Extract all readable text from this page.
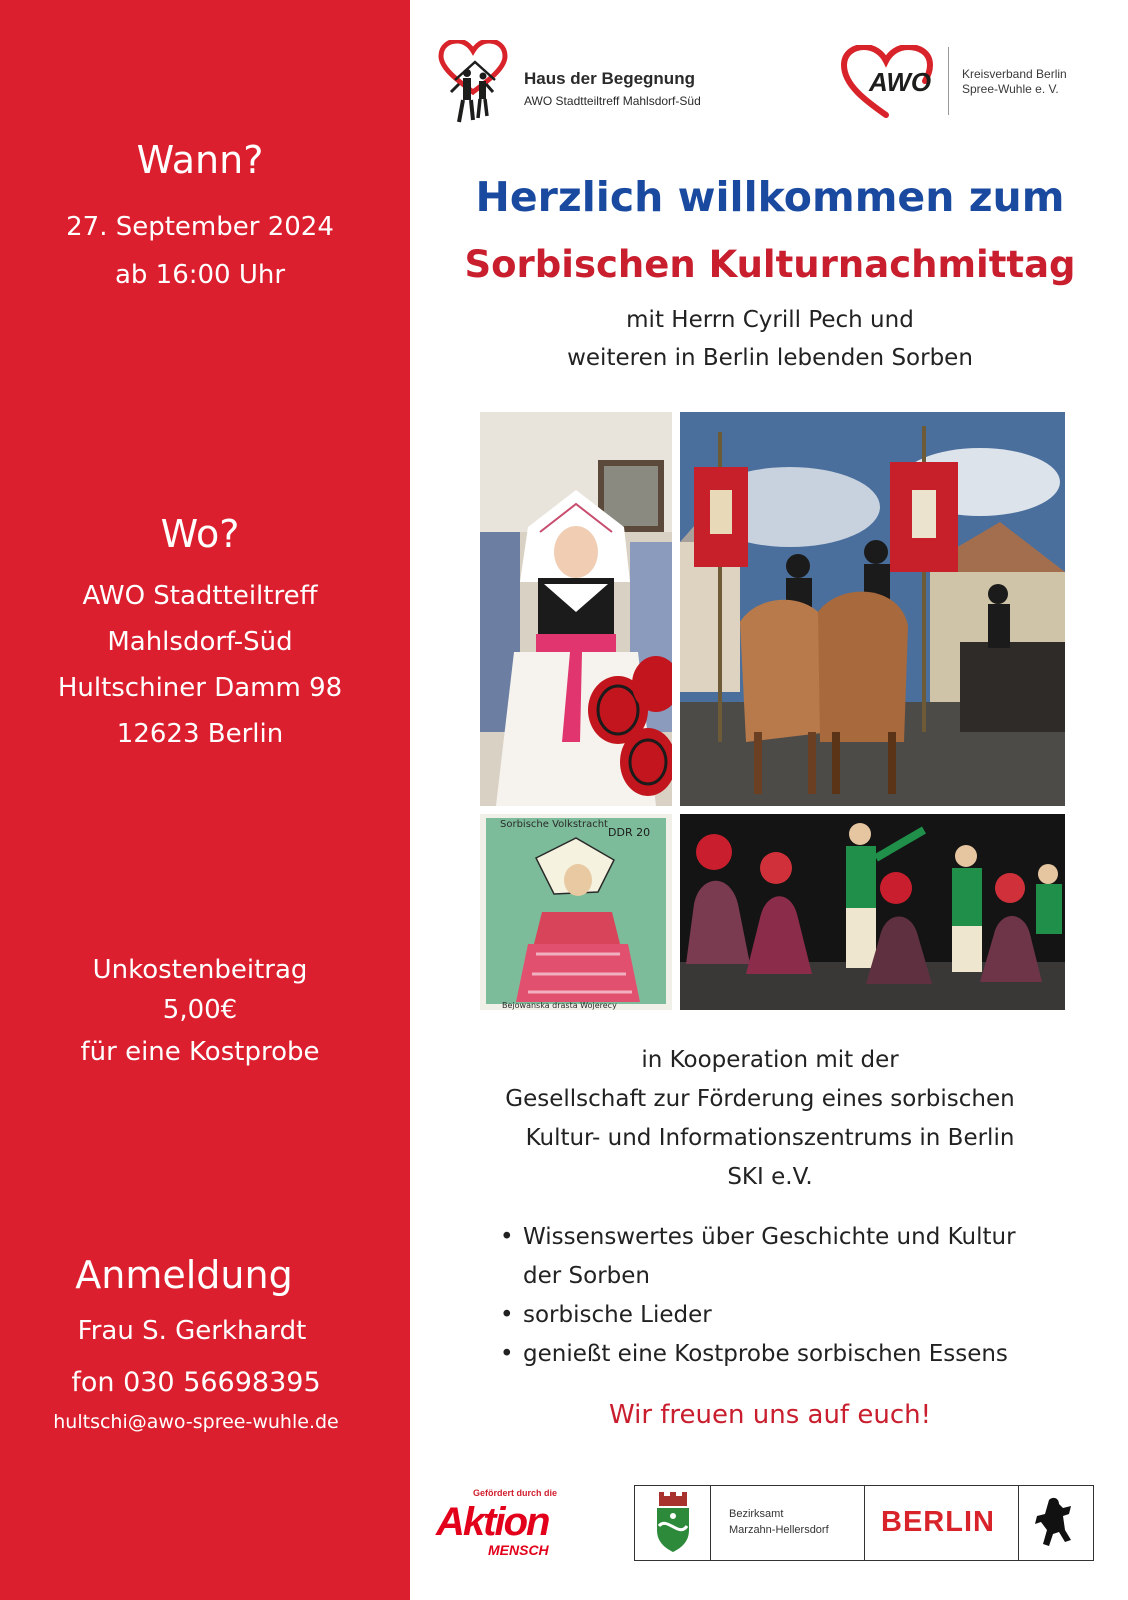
Wann?
27. September 2024
ab 16:00 Uhr
Wo?
AWO Stadtteiltreff
Mahlsdorf-Süd
Hultschiner Damm 98
12623 Berlin
Unkostenbeitrag
5,00€
für eine Kostprobe
Anmeldung
Frau S. Gerkhardt
fon 030 56698395
hultschi@awo-spree-wuhle.de
Haus der Begegnung
AWO Stadtteiltreff Mahlsdorf-Süd
AWO	Kreisverband Berlin
Spree-Wuhle e. V.
Herzlich willkommen zum
Sorbischen Kulturnachmittag
mit Herrn Cyrill Pech und
weiteren in Berlin lebenden Sorben
Sorbische Volkstracht
DDR 20
Bejowanska drasta Wojerecy
in Kooperation mit der
Gesellschaft zur Förderung eines sorbischen
Kultur- und Informationszentrums in Berlin
SKI e.V.
• Wissenswertes über Geschichte und Kultur
der Sorben
• sorbische Lieder
• genießt eine Kostprobe sorbischen Essens
Wir freuen uns auf euch!
Gefördert durch die
Aktion
MENSCH
Bezirksamt
Marzahn-Hellersdorf BERLIN
